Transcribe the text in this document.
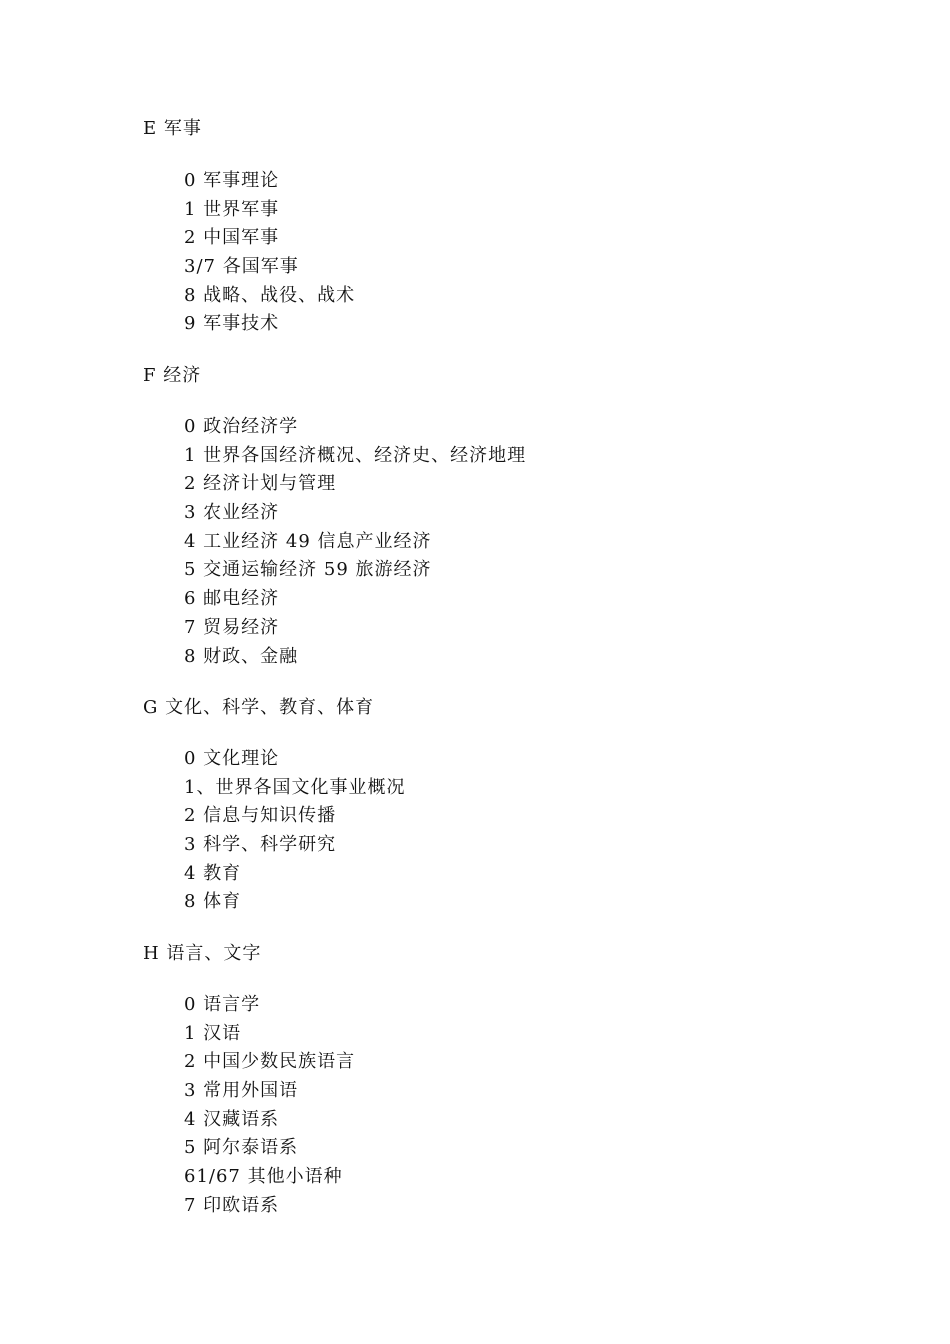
E 军事
0 军事理论
1 世界军事
2 中国军事
3/7 各国军事
8 战略、战役、战术
9 军事技术
F 经济
0 政治经济学
1 世界各国经济概况、经济史、经济地理
2 经济计划与管理
3 农业经济
4 工业经济 49 信息产业经济
5 交通运输经济 59 旅游经济
6 邮电经济
7 贸易经济
8 财政、金融
G 文化、科学、教育、体育
0 文化理论
1、世界各国文化事业概况
2 信息与知识传播
3 科学、科学研究
4 教育
8 体育
H 语言、文字
0 语言学
1 汉语
2 中国少数民族语言
3 常用外国语
4 汉藏语系
5 阿尔泰语系
61/67 其他小语种
7 印欧语系
